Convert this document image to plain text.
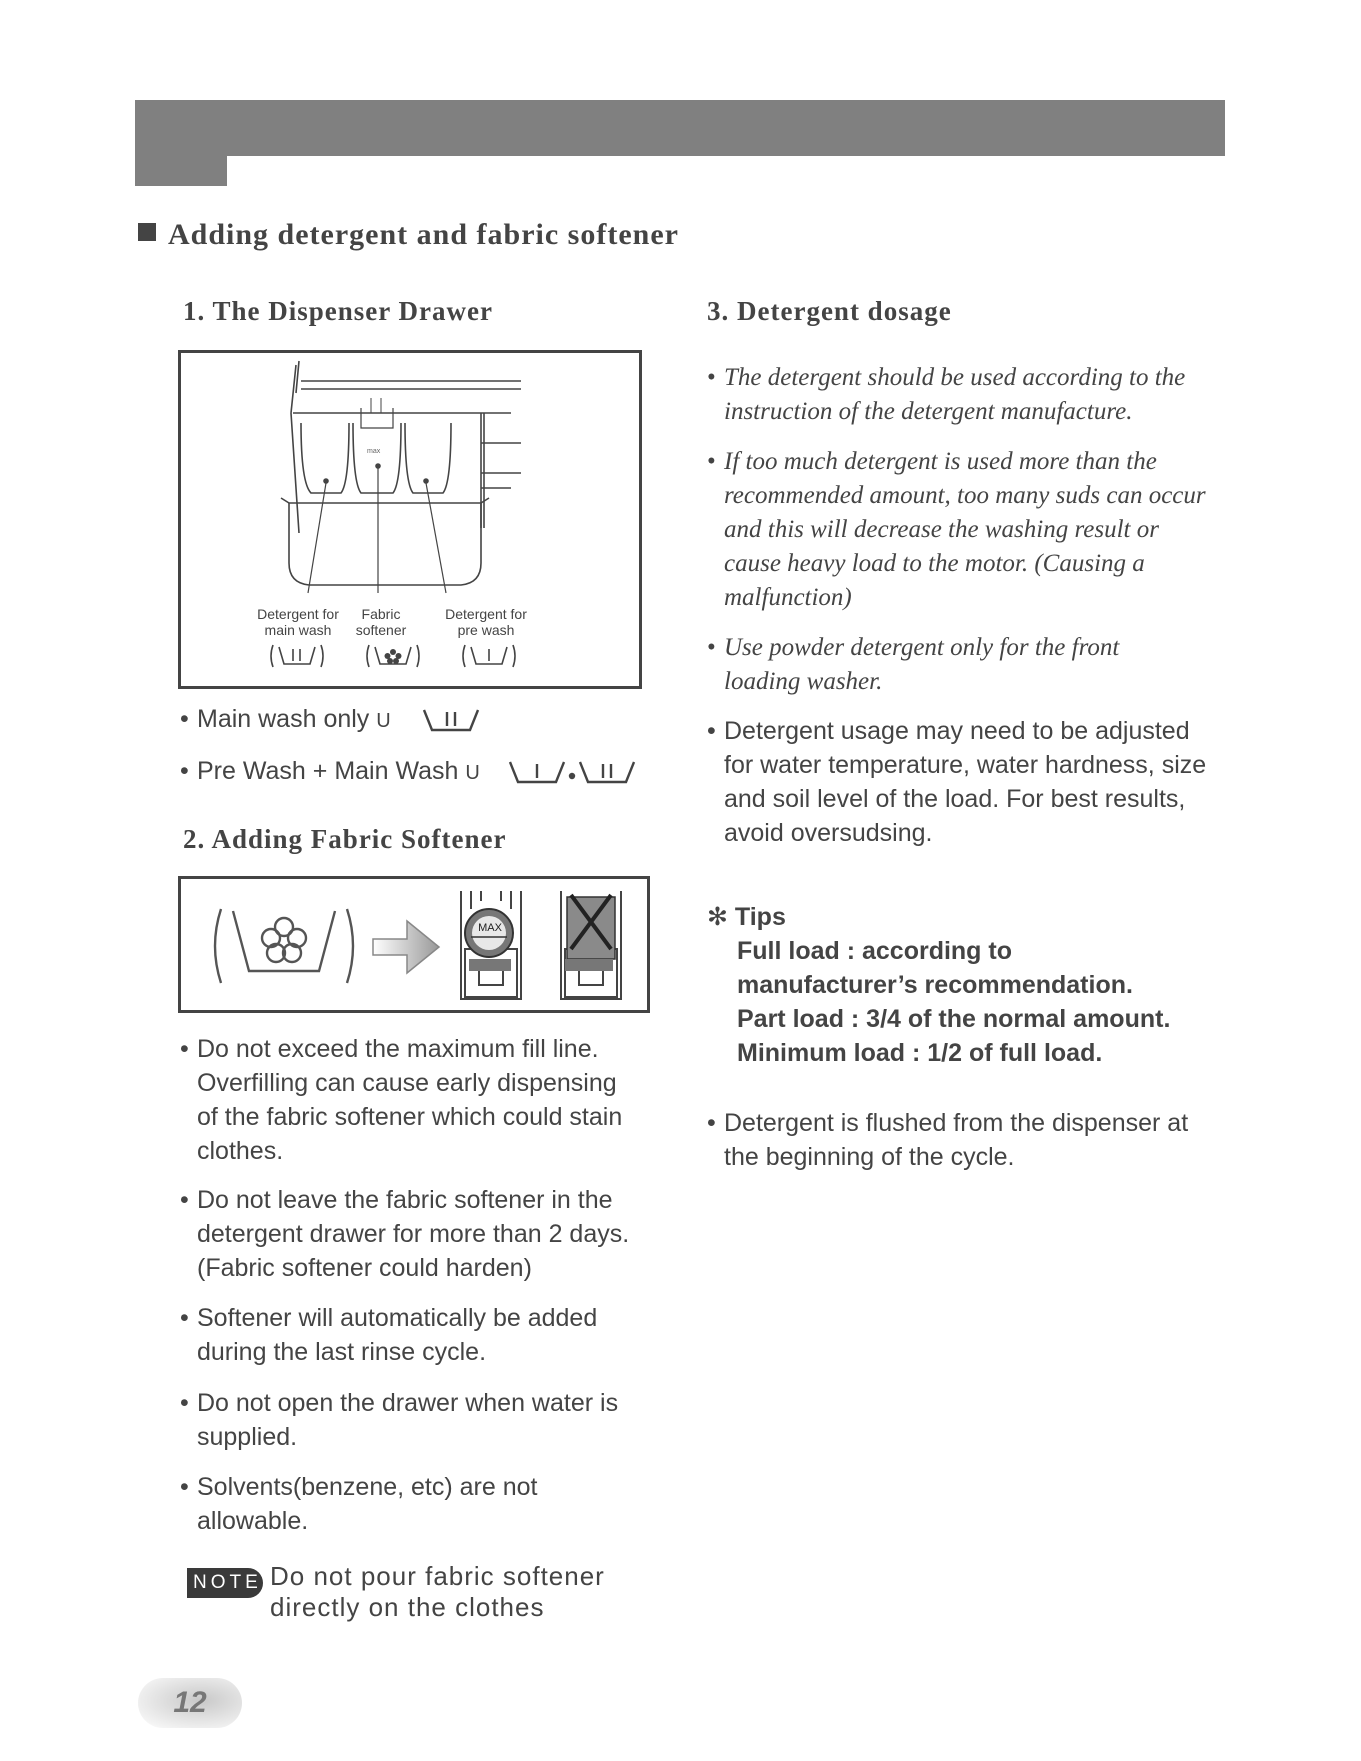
Adding detergent and fabric softener
1. The Dispenser Drawer
max
Detergent for
main wash
Fabric
softener
Detergent for
pre wash
• Main wash only U
• Pre Wash + Main Wash U
2. Adding Fabric Softener
MAX
• Do not exceed the maximum fill line. Overfilling can cause early dispensing of the fabric softener which could stain clothes.
• Do not leave the fabric softener in the detergent drawer for more than 2 days. (Fabric softener could harden)
• Softener will automatically be added during the last rinse cycle.
• Do not open the drawer when water is supplied.
• Solvents(benzene, etc) are not allowable.
NOTE Do not pour fabric softener
directly on the clothes
3. Detergent dosage
• The detergent should be used according to the instruction of the detergent manufacture.
• If too much detergent is used more than the recommended amount, too many suds can occur and this will decrease the washing result or cause heavy load to the motor. (Causing a malfunction)
• Use powder detergent only for the front loading washer.
• Detergent usage may need to be adjusted for water temperature, water hardness, size and soil level of the load. For best results, avoid oversudsing.
✻ Tips
Full load : according to
manufacturer’s recommendation.
Part load : 3/4 of the normal amount.
Minimum load : 1/2 of full load.
• Detergent is flushed from the dispenser at the beginning of the cycle.
12
